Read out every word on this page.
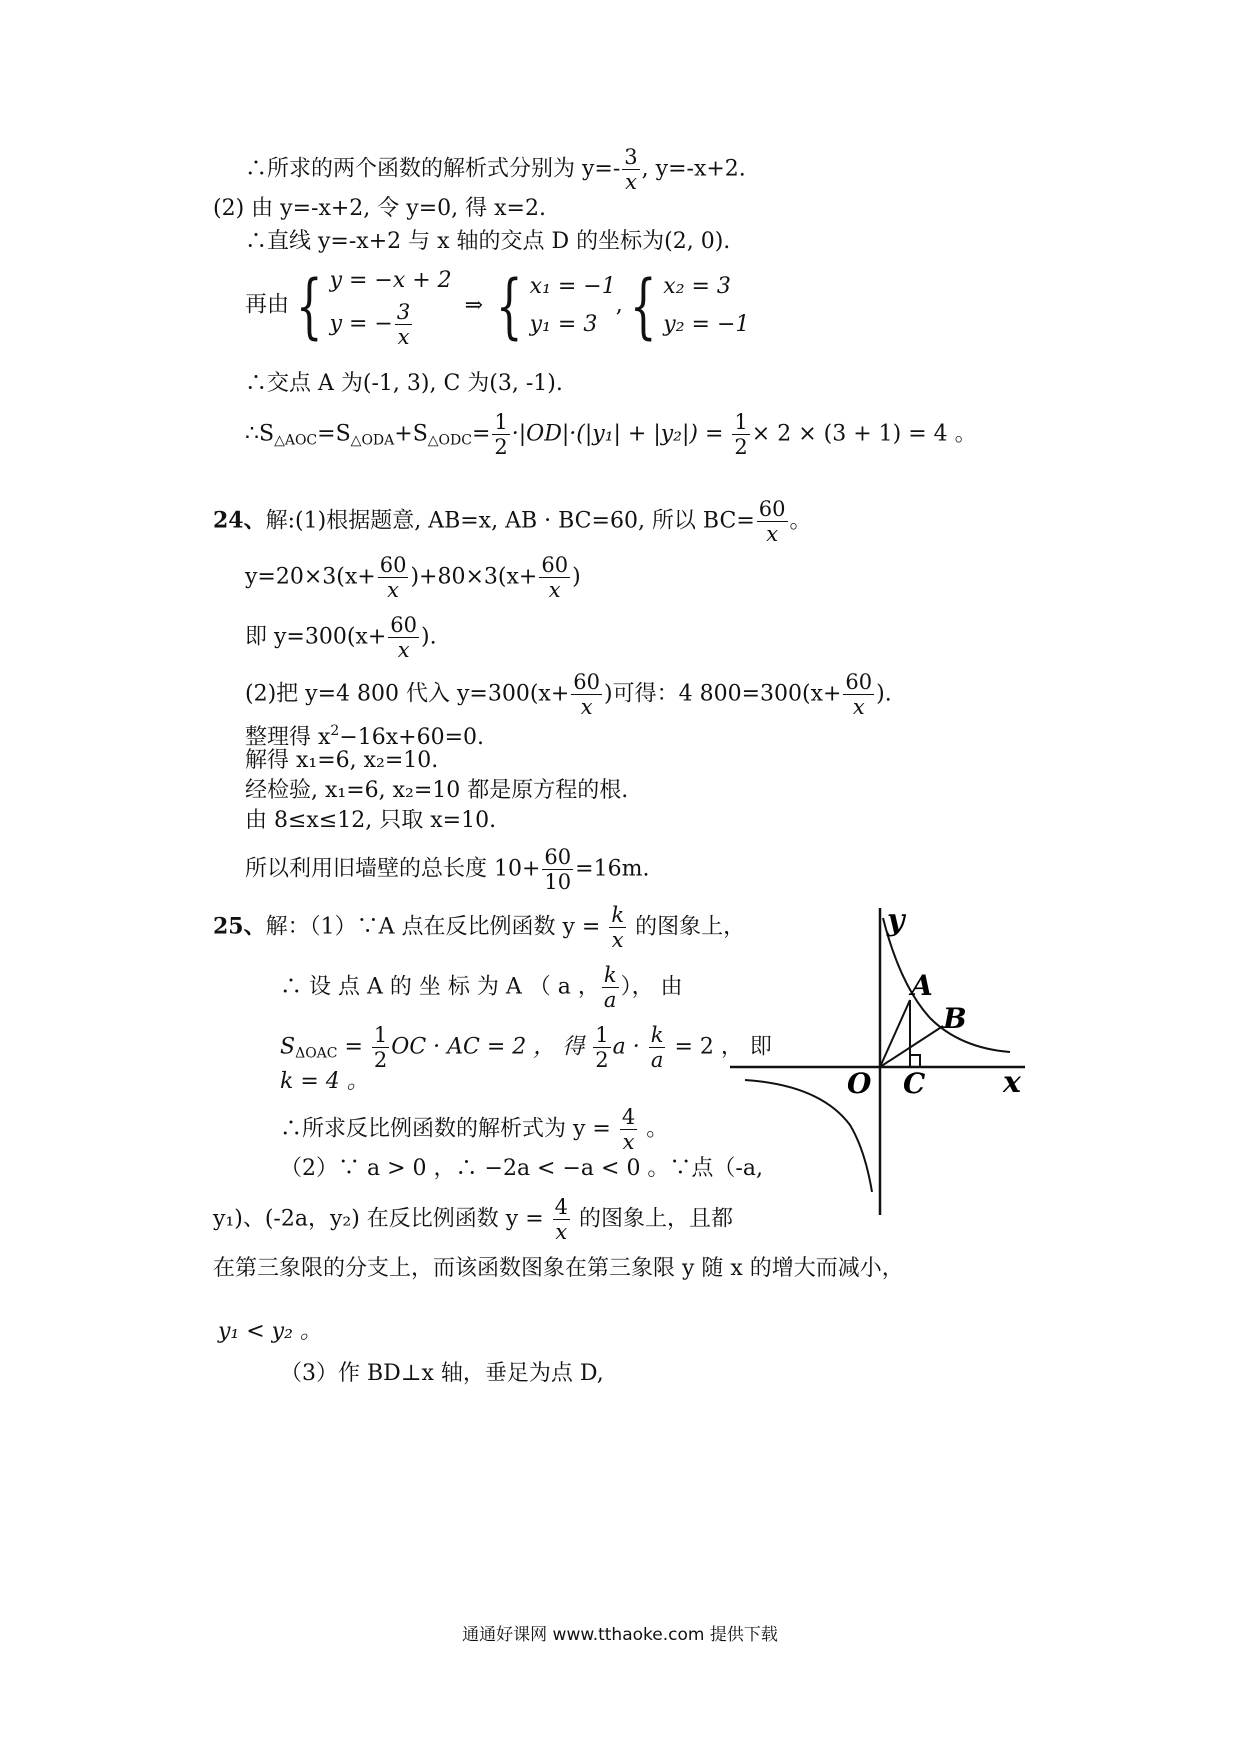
∴所求的两个函数的解析式分别为 $y=- \frac{3}{x}$ , y=-x+2.
(2) 由 y=-x+2, 令 y=0, 得 x=2.
∴直线 y=-x+2 与 x 轴的交点 D 的坐标为(2, 0).
再由{ y = −x + 2
y = − $\frac{3}{x}$ ⇒ { x₁ = −1
y₁ = 3
,{ x₂ = 3
y₂ = −1
∴交点 A 为(-1, 3), C 为(3, -1).
$\therefore S_{\triangle AOC}=S_{\triangle ODA}+S_{\triangle ODC}= \frac{1}{2} \cdot|OD|\cdot(|y_1| + |y_2|) = \frac{1}{2} \times 2 \times (3 + 1) = 4$ 。
24、解:(1)根据题意, AB=x, AB · BC=60, 所以 $BC= \frac{60}{x}$ 。
$y=20\times 3(x+ \frac{60}{x} )+80\times 3(x+ \frac{60}{x}$ )
即 $y=300(x+ \frac{60}{x}$ ).
(2)把 y=4 800 代入 $y=300(x+ \frac{60}{x}$ )可得：4 $800=300(x+ \frac{60}{x}$ ).
整理得 $x^2-16x+60=0$.
解得 x₁=6, x₂=10.
经检验, x₁=6, x₂=10 都是原方程的根.
由 8≤x≤12, 只取 x=10.
所以利用旧墙壁的总长度 $10+ \frac{60}{10} =16m$.
25、解：（1）∵A 点在反比例函数 $y = \frac{k}{x}$ 的图象上，
∴ 设 点 A 的 坐 标 为 A （ a ， $\frac{k}{a}$ ）， 由
$S_{\Delta OAC} = \frac{1}{2}$ OC · AC = 2 ， 得 $\frac{1}{2}$ $a \cdot \frac{k}{a} = 2$ ， 即
k = 4 。
∴所求反比例函数的解析式为 $y = \frac{4}{x}$ 。
（2）∵ a > 0 ，∴ −2a < −a < 0 。∵点（-a,
y₁)、(-2a，y₂) 在反比例函数 $y = \frac{4}{x}$ 的图象上，且都
在第三象限的分支上，而该函数图象在第三象限 y 随 x 的增大而减小，
y₁ < y₂ 。
（3）作 BD⊥x 轴，垂足为点 D,
y
x
O
A
B
C
通通好课网 www.tthaoke.com 提供下载
